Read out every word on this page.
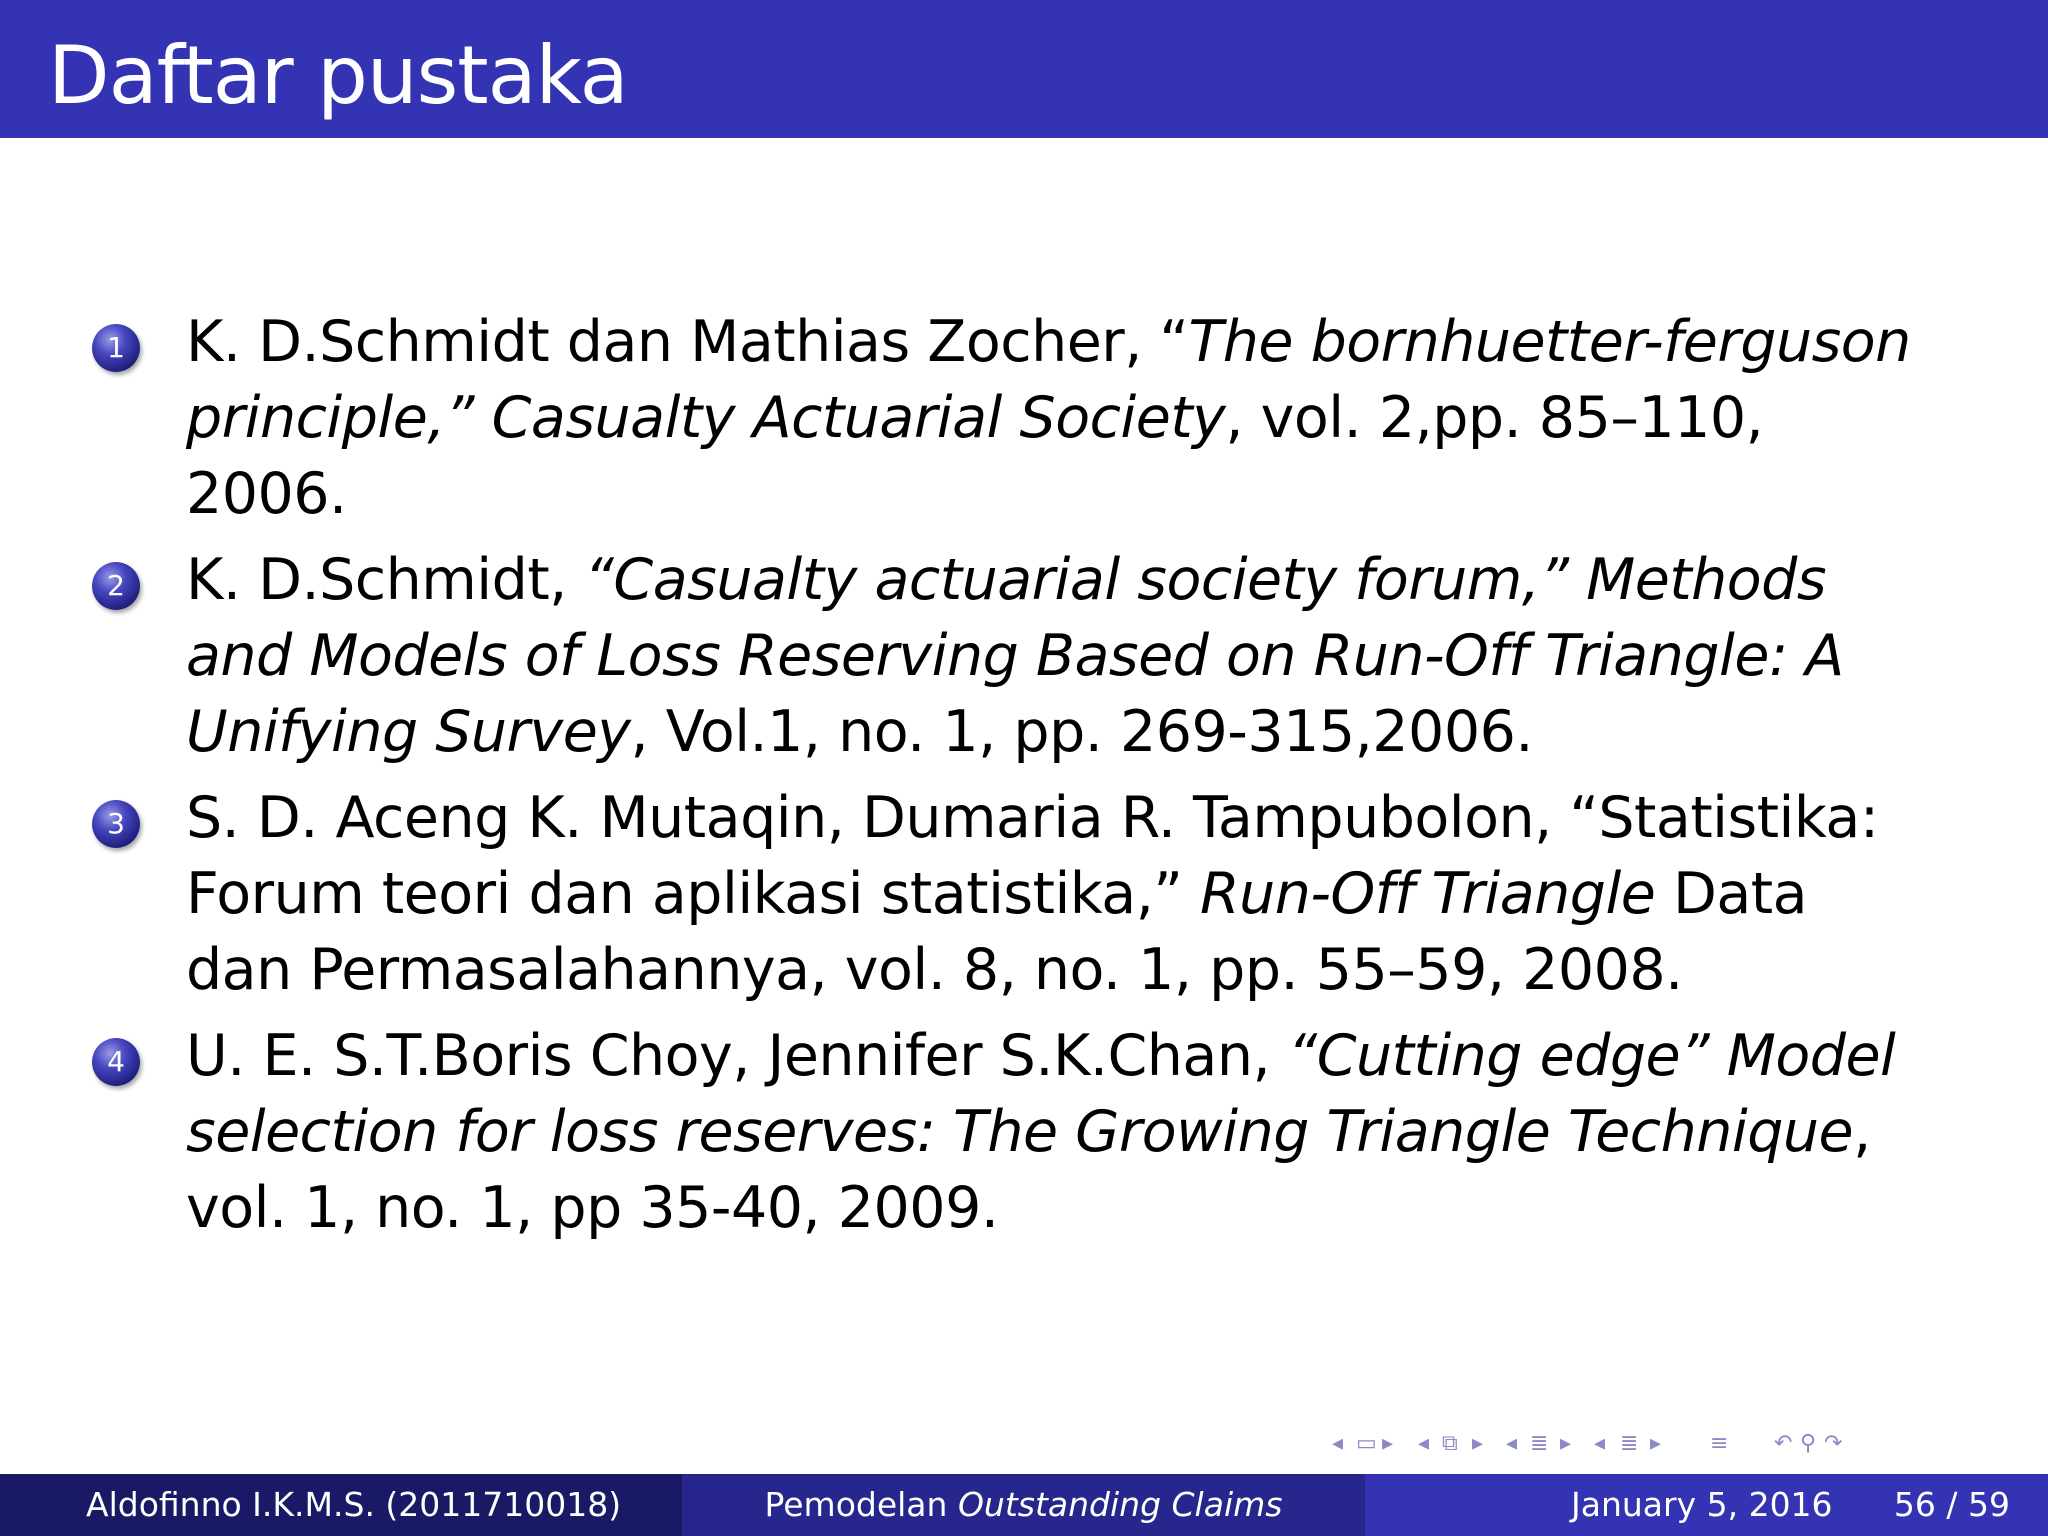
Daftar pustaka
1 K. D.Schmidt dan Mathias Zocher, “The bornhuetter-ferguson
principle,” Casualty Actuarial Society, vol. 2,pp. 85–110,
2006.
2 K. D.Schmidt, “Casualty actuarial society forum,” Methods
and Models of Loss Reserving Based on Run-Off Triangle: A
Unifying Survey, Vol.1, no. 1, pp. 269-315,2006.
3 S. D. Aceng K. Mutaqin, Dumaria R. Tampubolon, “Statistika:
Forum teori dan aplikasi statistika,” Run-Off Triangle Data
dan Permasalahannya, vol. 8, no. 1, pp. 55–59, 2008.
4 U. E. S.T.Boris Choy, Jennifer S.K.Chan, “Cutting edge” Model
selection for loss reserves: The Growing Triangle Technique,
vol. 1, no. 1, pp 35-40, 2009.
◂ ▭ ▸ ◂ ⧉ ▸ ◂ ≣ ▸ ◂ ≣ ▸ ≡ ↶ ⚲ ↷
Aldofinno I.K.M.S. (2011710018)	Pemodelan Outstanding Claims	January 5, 2016 56 / 59
